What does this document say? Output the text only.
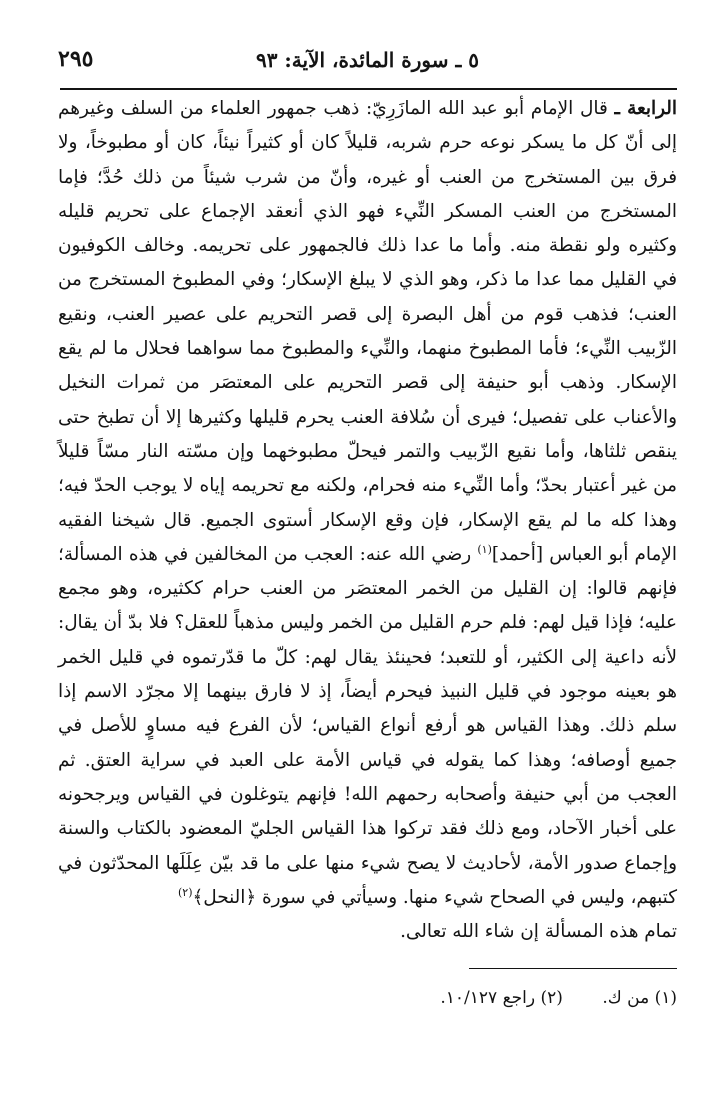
٥ ـ سورة المائدة، الآية: ٩٣
٢٩٥

الرابعة ـ قال الإمام أبو عبد الله المازَرِيّ: ذهب جمهور العلماء من السلف وغيرهم إلى أنّ كل ما يسكر نوعه حرم شربه، قليلاً كان أو كثيراً نيئاً، كان أو مطبوخاً، ولا فرق بين المستخرج من العنب أو غيره، وأنّ من شرب شيئاً من ذلك حُدَّ؛ فإما المستخرج من العنب المسكر النِّيء فهو الذي أنعقد الإجماع على تحريم قليله وكثيره ولو نقطة منه. وأما ما عدا ذلك فالجمهور على تحريمه. وخالف الكوفيون في القليل مما عدا ما ذكر، وهو الذي لا يبلغ الإسكار؛ وفي المطبوخ المستخرج من العنب؛ فذهب قوم من أهل البصرة إلى قصر التحريم على عصير العنب، ونقيع الزّبيب النِّيء؛ فأما المطبوخ منهما، والنِّيء والمطبوخ مما سواهما فحلال ما لم يقع الإسكار. وذهب أبو حنيفة إلى قصر التحريم على المعتصَر من ثمرات النخيل والأعناب على تفصيل؛ فيرى أن سُلافة العنب يحرم قليلها وكثيرها إلا أن تطبخ حتى ينقص ثلثاها، وأما نقيع الزّبيب والتمر فيحلّ مطبوخهما وإن مسّته النار مسّاً قليلاً من غير أعتبار بحدّ؛ وأما النِّيء منه فحرام، ولكنه مع تحريمه إياه لا يوجب الحدّ فيه؛ وهذا كله ما لم يقع الإسكار، فإن وقع الإسكار أستوى الجميع. قال شيخنا الفقيه الإمام أبو العباس [أحمد]$^{(١)}$ رضي الله عنه: العجب من المخالفين في هذه المسألة؛ فإنهم قالوا: إن القليل من الخمر المعتصَر من العنب حرام ككثيره، وهو مجمع عليه؛ فإذا قيل لهم: فلم حرم القليل من الخمر وليس مذهباً للعقل؟ فلا بدّ أن يقال: لأنه داعية إلى الكثير، أو للتعبد؛ فحينئذ يقال لهم: كلّ ما قدّرتموه في قليل الخمر هو بعينه موجود في قليل النبيذ فيحرم أيضاً، إذ لا فارق بينهما إلا مجرّد الاسم إذا سلم ذلك. وهذا القياس هو أرفع أنواع القياس؛ لأن الفرع فيه مساوٍ للأصل في جميع أوصافه؛ وهذا كما يقوله في قياس الأمة على العبد في سراية العتق. ثم العجب من أبي حنيفة وأصحابه رحمهم الله! فإنهم يتوغلون في القياس ويرجحونه على أخبار الآحاد، ومع ذلك فقد تركوا هذا القياس الجليّ المعضود بالكتاب والسنة وإجماع صدور الأمة، لأحاديث لا يصح شيء منها على ما قد بيّن عِلَلَها المحدّثون في كتبهم، وليس في الصحاح شيء منها. وسيأتي في سورة ﴿النحل﴾$^{(٢)}$

تمام هذه المسألة إن شاء الله تعالى.

(١) من ك. (٢) راجع ١٠/١٢٧.
